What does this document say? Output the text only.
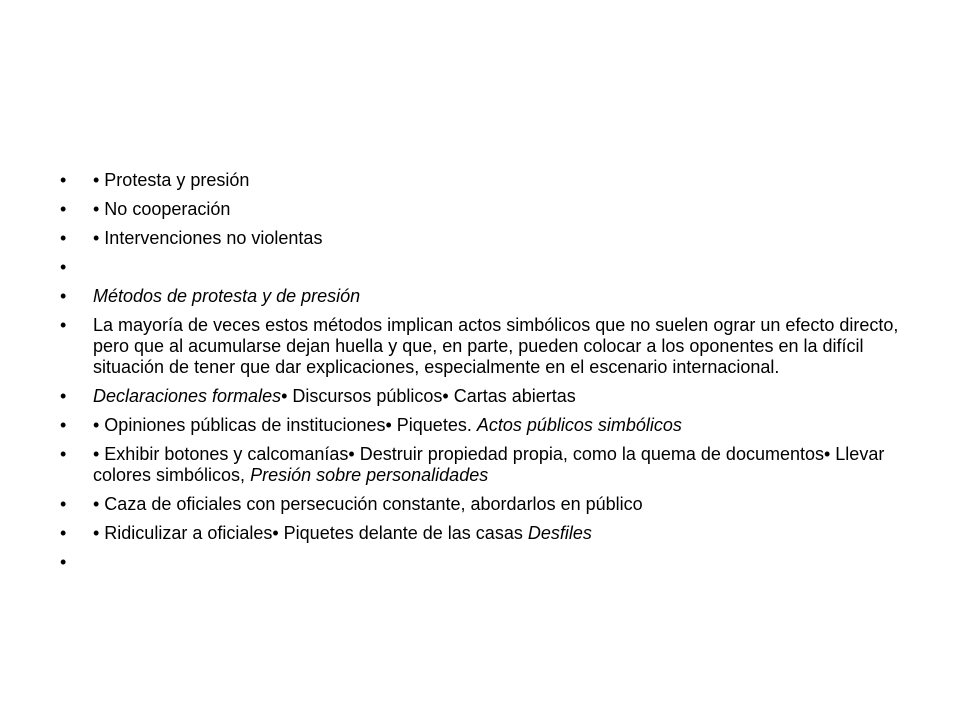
•	• Protesta y presión
•	• No cooperación
•	• Intervenciones no violentas
•
•	Métodos de protesta y de presión
•	La mayoría de veces estos métodos implican actos simbólicos que no suelen ograr un efecto directo, pero que al acumularse dejan huella y que, en parte, pueden colocar a los oponentes en la difícil situación de tener que dar explicaciones, especialmente en el escenario internacional.
•	Declaraciones formales• Discursos públicos• Cartas abiertas
•	• Opiniones públicas de instituciones• Piquetes. Actos públicos simbólicos
•	• Exhibir botones y calcomanías• Destruir propiedad propia, como la quema de documentos• Llevar colores simbólicos, Presión sobre personalidades
•	• Caza de oficiales con persecución constante, abordarlos en público
•	• Ridiculizar a oficiales• Piquetes delante de las casas Desfiles
•
